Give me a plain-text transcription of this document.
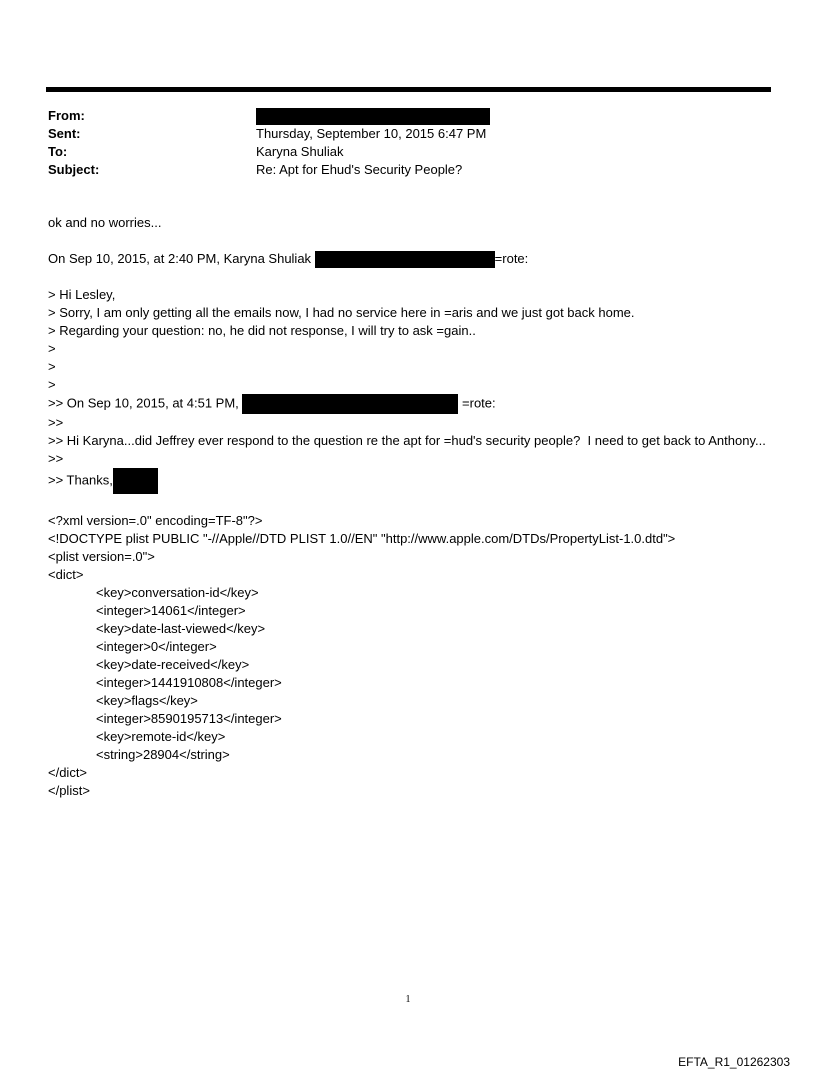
From:
Sent:	Thursday, September 10, 2015 6:47 PM
To:	Karyna Shuliak
Subject:	Re: Apt for Ehud's Security People?
ok and no worries...
On Sep 10, 2015, at 2:40 PM, Karyna Shuliak	=rote:
> Hi Lesley,
> Sorry, I am only getting all the emails now, I had no service here in =aris and we just got back home.
> Regarding your question: no, he did not response, I will try to ask =gain..
>
>
>
>> On Sep 10, 2015, at 4:51 PM,	=rote:
>>
>> Hi Karyna...did Jeffrey ever respond to the question re the apt for =hud's security people?  I need to get back to Anthony...
>>
>> Thanks,
<?xml version=.0" encoding=TF-8"?>
<!DOCTYPE plist PUBLIC "-//Apple//DTD PLIST 1.0//EN" "http://www.apple.com/DTDs/PropertyList-1.0.dtd">
<plist version=.0">
<dict>
<key>conversation-id</key>
<integer>14061</integer>
<key>date-last-viewed</key>
<integer>0</integer>
<key>date-received</key>
<integer>1441910808</integer>
<key>flags</key>
<integer>8590195713</integer>
<key>remote-id</key>
<string>28904</string>
</dict>
</plist>
1
EFTA_R1_01262303
